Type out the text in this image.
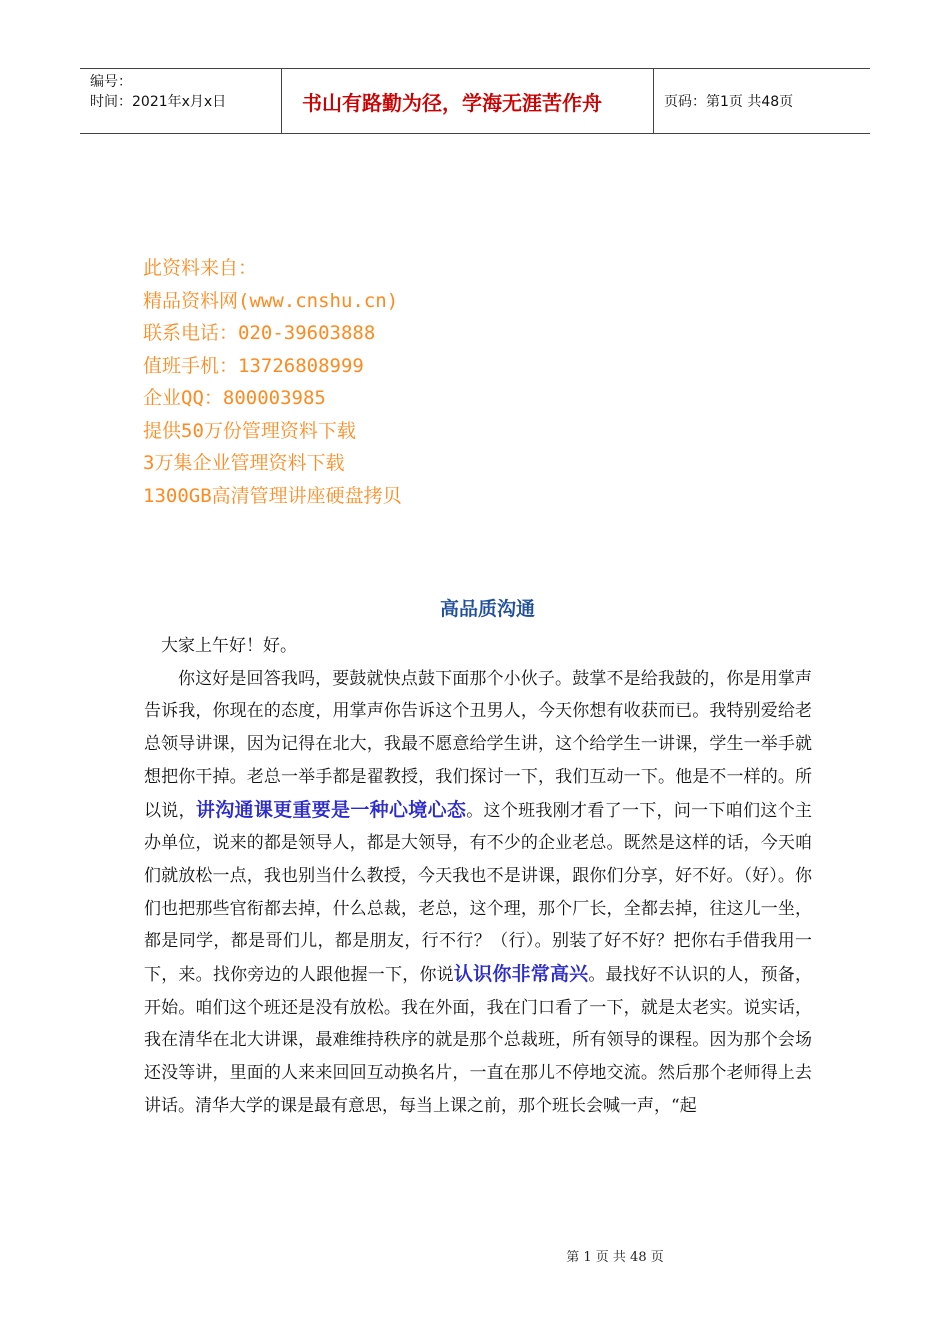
编号：
时间：2021年x月x日	书山有路勤为径，学海无涯苦作舟	页码：第1页 共48页
此资料来自：
精品资料网(www.cnshu.cn)
联系电话：020-39603888
值班手机：13726808999
企业QQ：800003985
提供50万份管理资料下载
3万集企业管理资料下载
1300GB高清管理讲座硬盘拷贝
高品质沟通

大家上午好！好。

你这好是回答我吗，要鼓就快点鼓下面那个小伙子。鼓掌不是给我鼓的，你是用掌声告诉我，你现在的态度，用掌声你告诉这个丑男人，今天你想有收获而已。我特别爱给老总领导讲课，因为记得在北大，我最不愿意给学生讲，这个给学生一讲课，学生一举手就想把你干掉。老总一举手都是翟教授，我们探讨一下，我们互动一下。他是不一样的。所以说，讲沟通课更重要是一种心境心态。这个班我刚才看了一下，问一下咱们这个主办单位，说来的都是领导人，都是大领导，有不少的企业老总。既然是这样的话，今天咱们就放松一点，我也别当什么教授，今天我也不是讲课，跟你们分享，好不好。（好）。你们也把那些官衔都去掉，什么总裁，老总，这个理，那个厂长，全都去掉，往这儿一坐，都是同学，都是哥们儿，都是朋友，行不行？（行）。别装了好不好？把你右手借我用一下，来。找你旁边的人跟他握一下，你说认识你非常高兴。最找好不认识的人，预备，开始。咱们这个班还是没有放松。我在外面，我在门口看了一下，就是太老实。说实话，我在清华在北大讲课，最难维持秩序的就是那个总裁班，所有领导的课程。因为那个会场还没等讲，里面的人来来回回互动换名片，一直在那儿不停地交流。然后那个老师得上去讲话。清华大学的课是最有意思，每当上课之前，那个班长会喊一声，“起

第 1 页 共 48 页
